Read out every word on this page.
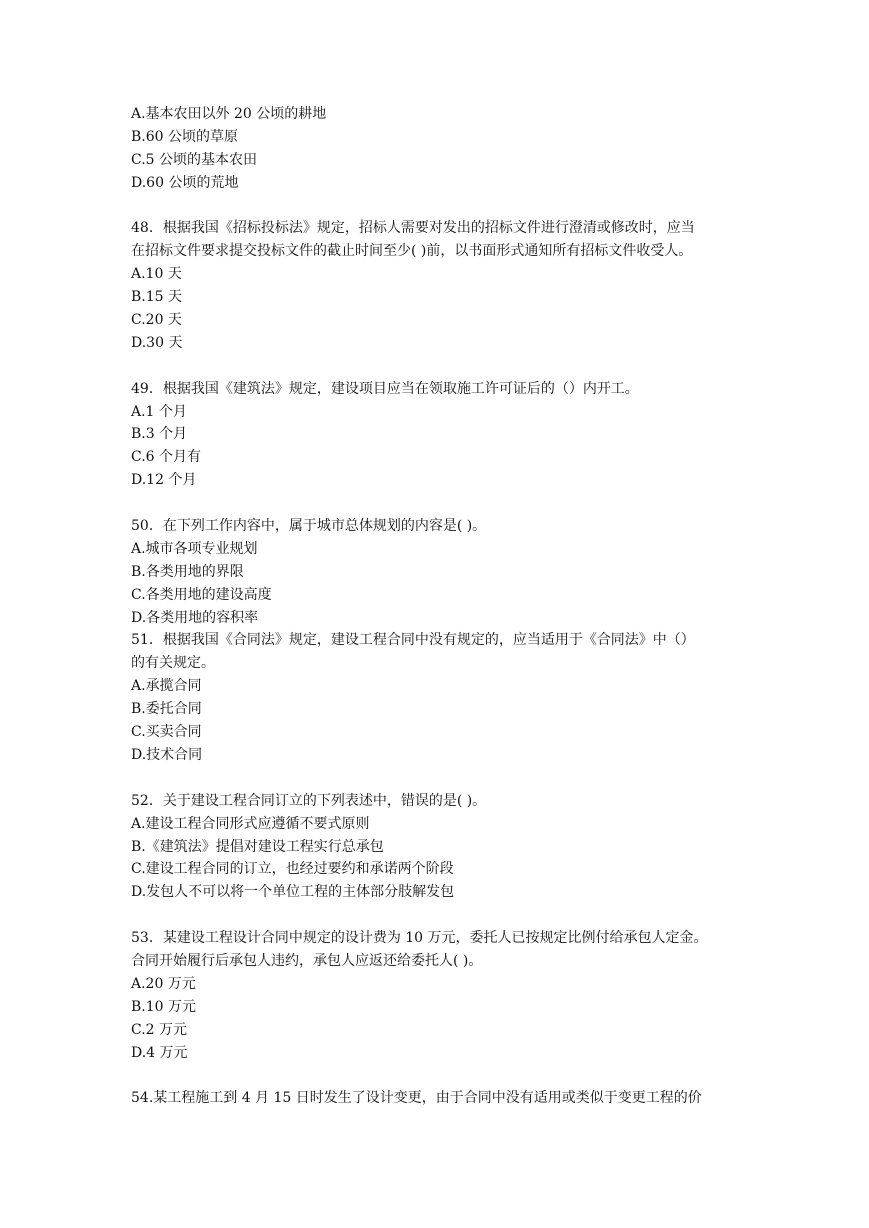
A.基本农田以外 20 公顷的耕地
B.60 公顷的草原
C.5 公顷的基本农田
D.60 公顷的荒地
48．根据我国《招标投标法》规定，招标人需要对发出的招标文件进行澄清或修改时，应当
在招标文件要求提交投标文件的截止时间至少( )前，以书面形式通知所有招标文件收受人。
A.10 天
B.15 天
C.20 天
D.30 天
49．根据我国《建筑法》规定，建设项目应当在领取施工许可证后的（）内开工。
A.1 个月
B.3 个月
C.6 个月有
D.12 个月
50．在下列工作内容中，属于城市总体规划的内容是( )。
A.城市各项专业规划
B.各类用地的界限
C.各类用地的建设高度
D.各类用地的容积率
51．根据我国《合同法》规定，建设工程合同中没有规定的，应当适用于《合同法》中（）
的有关规定。
A.承揽合同
B.委托合同
C.买卖合同
D.技术合同
52．关于建设工程合同订立的下列表述中，错误的是( )。
A.建设工程合同形式应遵循不要式原则
B.《建筑法》提倡对建设工程实行总承包
C.建设工程合同的订立，也经过要约和承诺两个阶段
D.发包人不可以将一个单位工程的主体部分肢解发包
53．某建设工程设计合同中规定的设计费为 10 万元，委托人已按规定比例付给承包人定金。
合同开始履行后承包人违约，承包人应返还给委托人( )。
A.20 万元
B.10 万元
C.2 万元
D.4 万元
54.某工程施工到 4 月 15 日时发生了设计变更，由于合同中没有适用或类似于变更工程的价
